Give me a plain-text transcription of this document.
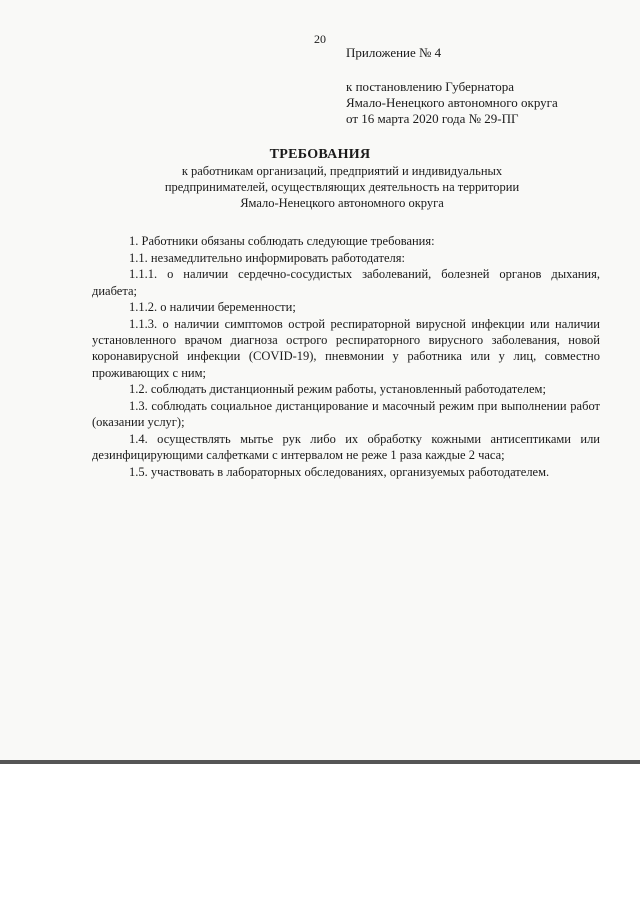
20
Приложение № 4
к постановлению Губернатора
Ямало-Ненецкого автономного округа
от 16 марта 2020 года № 29-ПГ
ТРЕБОВАНИЯ
к работникам организаций, предприятий и индивидуальных
предпринимателей, осуществляющих деятельность на территории
Ямало-Ненецкого автономного округа

1. Работники обязаны соблюдать следующие требования:

1.1. незамедлительно информировать работодателя:

1.1.1. о наличии сердечно-сосудистых заболеваний, болезней органов дыхания, диабета;

1.1.2. о наличии беременности;

1.1.3. о наличии симптомов острой респираторной вирусной инфекции или наличии установленного врачом диагноза острого респираторного вирусного заболевания, новой коронавирусной инфекции (COVID-19), пневмонии у работника или у лиц, совместно проживающих с ним;

1.2. соблюдать дистанционный режим работы, установленный работодателем;

1.3. соблюдать социальное дистанцирование и масочный режим при выполнении работ (оказании услуг);

1.4. осуществлять мытье рук либо их обработку кожными антисептиками или дезинфицирующими салфетками с интервалом не реже 1 раза каждые 2 часа;

1.5. участвовать в лабораторных обследованиях, организуемых работодателем.
